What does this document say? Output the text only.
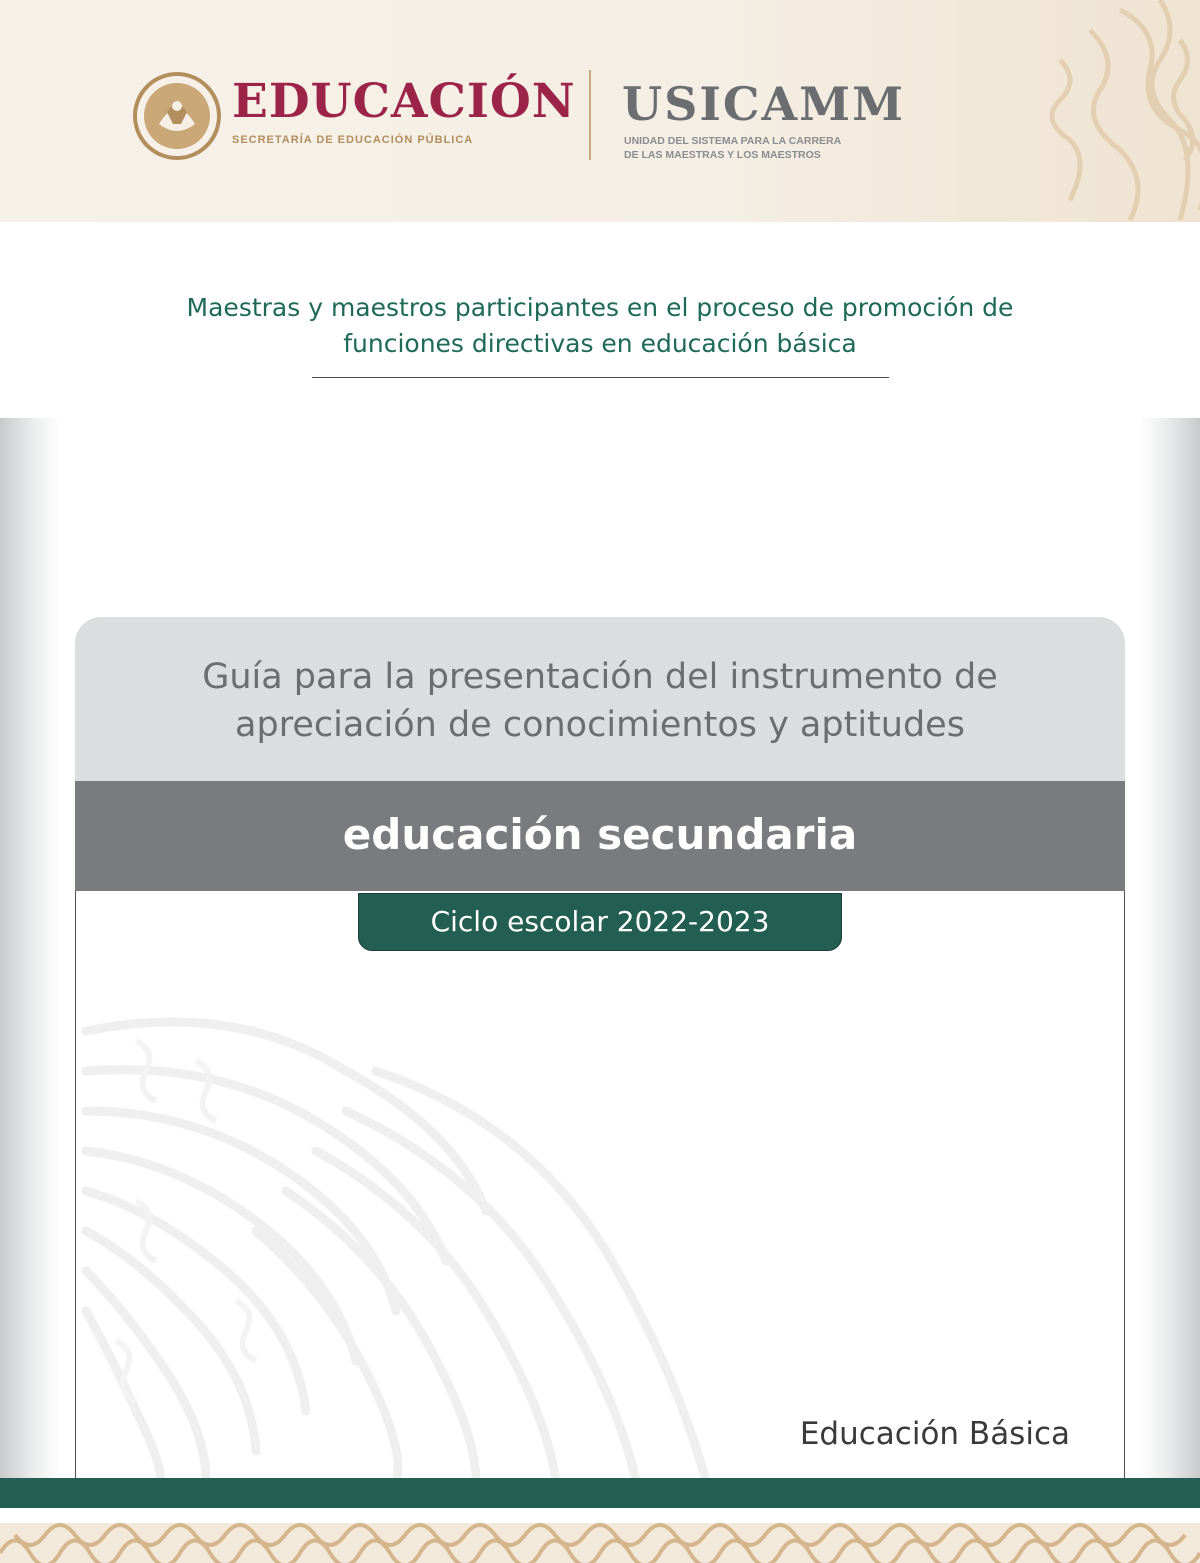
EDUCACIÓN
SECRETARÍA DE EDUCACIÓN PÚBLICA
USICAMM
UNIDAD DEL SISTEMA PARA LA CARRERA
DE LAS MAESTRAS Y LOS MAESTROS
Maestras y maestros participantes en el proceso de promoción de
funciones directivas en educación básica
Guía para la presentación del instrumento de
apreciación de conocimientos y aptitudes
educación secundaria
Ciclo escolar 2022-2023
Educación Básica
